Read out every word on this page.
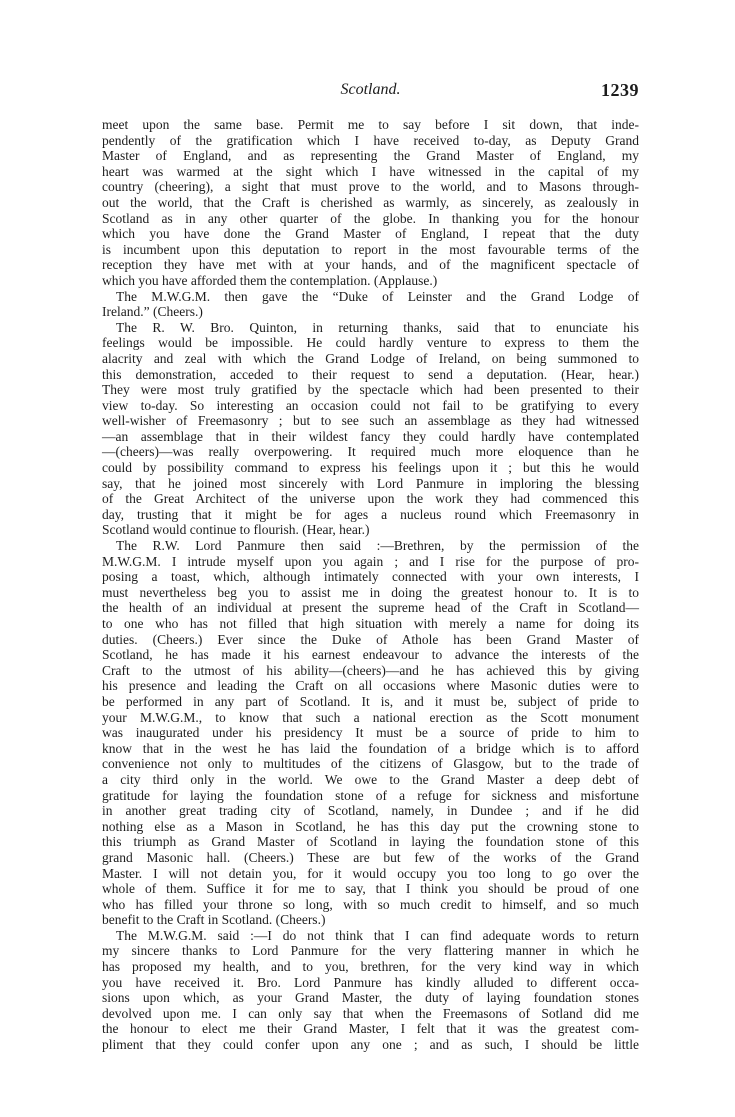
Scotland.	1239

meet upon the same base. Permit me to say before I sit down, that inde-

pendently of the gratification which I have received to-day, as Deputy Grand

Master of England, and as representing the Grand Master of England, my

heart was warmed at the sight which I have witnessed in the capital of my

country (cheering), a sight that must prove to the world, and to Masons through-

out the world, that the Craft is cherished as warmly, as sincerely, as zealously in

Scotland as in any other quarter of the globe. In thanking you for the honour

which you have done the Grand Master of England, I repeat that the duty

is incumbent upon this deputation to report in the most favourable terms of the

reception they have met with at your hands, and of the magnificent spectacle of

which you have afforded them the contemplation. (Applause.)

The M.W.G.M. then gave the “Duke of Leinster and the Grand Lodge of

Ireland.” (Cheers.)

The R. W. Bro. Quinton, in returning thanks, said that to enunciate his

feelings would be impossible. He could hardly venture to express to them the

alacrity and zeal with which the Grand Lodge of Ireland, on being summoned to

this demonstration, acceded to their request to send a deputation. (Hear, hear.)

They were most truly gratified by the spectacle which had been presented to their

view to-day. So interesting an occasion could not fail to be gratifying to every

well-wisher of Freemasonry ; but to see such an assemblage as they had witnessed

—an assemblage that in their wildest fancy they could hardly have contemplated

—(cheers)—was really overpowering. It required much more eloquence than he

could by possibility command to express his feelings upon it ; but this he would

say, that he joined most sincerely with Lord Panmure in imploring the blessing

of the Great Architect of the universe upon the work they had commenced this

day, trusting that it might be for ages a nucleus round which Freemasonry in

Scotland would continue to flourish. (Hear, hear.)

The R.W. Lord Panmure then said :—Brethren, by the permission of the

M.W.G.M. I intrude myself upon you again ; and I rise for the purpose of pro-

posing a toast, which, although intimately connected with your own interests, I

must nevertheless beg you to assist me in doing the greatest honour to. It is to

the health of an individual at present the supreme head of the Craft in Scotland—

to one who has not filled that high situation with merely a name for doing its

duties. (Cheers.) Ever since the Duke of Athole has been Grand Master of

Scotland, he has made it his earnest endeavour to advance the interests of the

Craft to the utmost of his ability—(cheers)—and he has achieved this by giving

his presence and leading the Craft on all occasions where Masonic duties were to

be performed in any part of Scotland. It is, and it must be, subject of pride to

your M.W.G.M., to know that such a national erection as the Scott monument

was inaugurated under his presidency It must be a source of pride to him to

know that in the west he has laid the foundation of a bridge which is to afford

convenience not only to multitudes of the citizens of Glasgow, but to the trade of

a city third only in the world. We owe to the Grand Master a deep debt of

gratitude for laying the foundation stone of a refuge for sickness and misfortune

in another great trading city of Scotland, namely, in Dundee ; and if he did

nothing else as a Mason in Scotland, he has this day put the crowning stone to

this triumph as Grand Master of Scotland in laying the foundation stone of this

grand Masonic hall. (Cheers.) These are but few of the works of the Grand

Master. I will not detain you, for it would occupy you too long to go over the

whole of them. Suffice it for me to say, that I think you should be proud of one

who has filled your throne so long, with so much credit to himself, and so much

benefit to the Craft in Scotland. (Cheers.)

The M.W.G.M. said :—I do not think that I can find adequate words to return

my sincere thanks to Lord Panmure for the very flattering manner in which he

has proposed my health, and to you, brethren, for the very kind way in which

you have received it. Bro. Lord Panmure has kindly alluded to different occa-

sions upon which, as your Grand Master, the duty of laying foundation stones

devolved upon me. I can only say that when the Freemasons of Sotland did me

the honour to elect me their Grand Master, I felt that it was the greatest com-

pliment that they could confer upon any one ; and as such, I should be little
